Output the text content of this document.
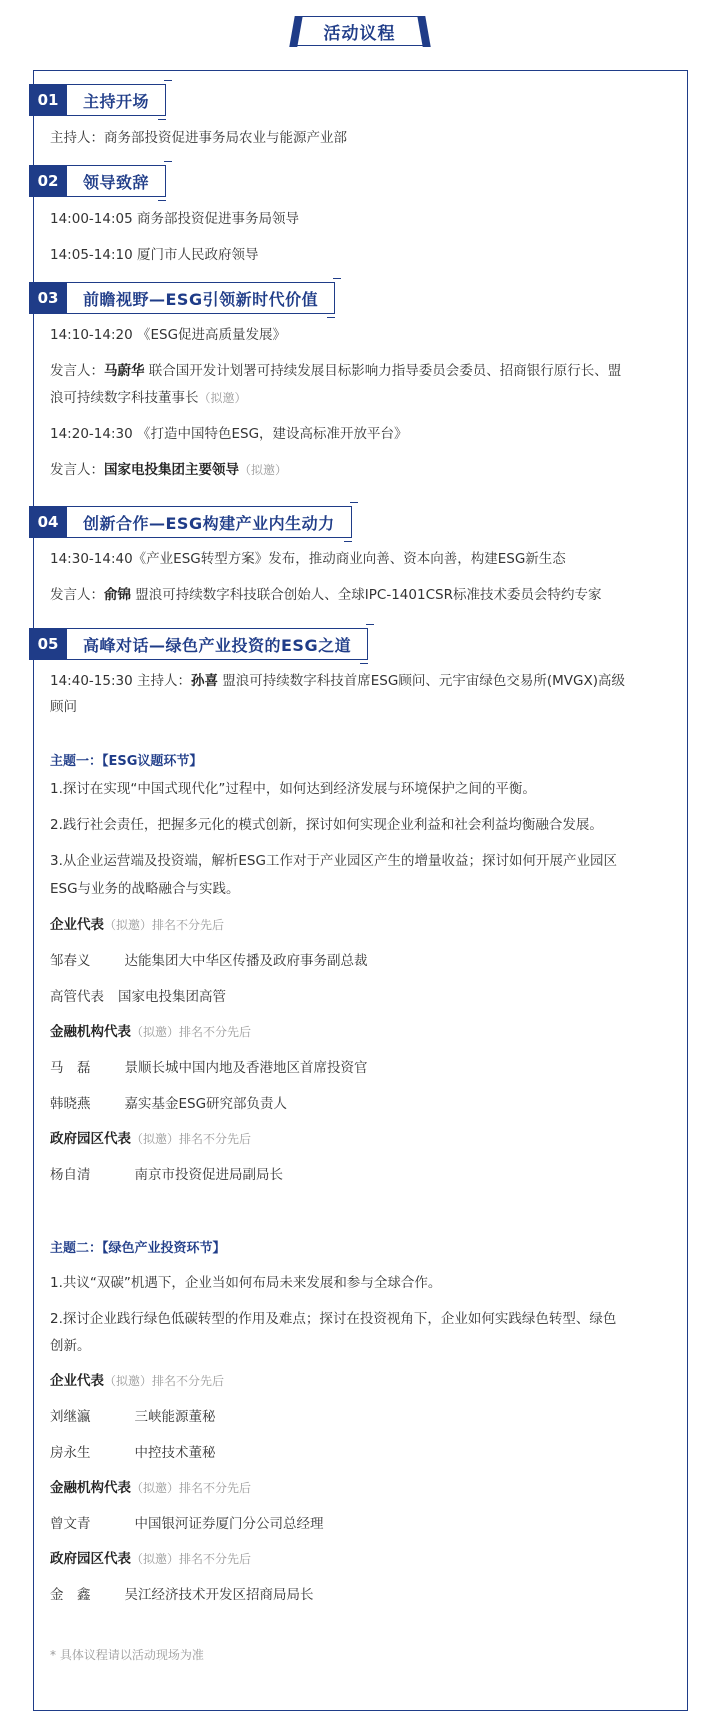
活动议程
01	主持开场
主持人：商务部投资促进事务局农业与能源产业部
02	领导致辞
14:00-14:05 商务部投资促进事务局领导
14:05-14:10 厦门市人民政府领导
03	前瞻视野—ESG引领新时代价值
14:10-14:20 《ESG促进高质量发展》
发言人：马蔚华 联合国开发计划署可持续发展目标影响力指导委员会委员、招商银行原行长、盟
浪可持续数字科技董事长（拟邀）
14:20-14:30 《打造中国特色ESG，建设高标准开放平台》
发言人：国家电投集团主要领导（拟邀）
04	创新合作—ESG构建产业内生动力
14:30-14:40《产业ESG转型方案》发布，推动商业向善、资本向善，构建ESG新生态
发言人：俞锦 盟浪可持续数字科技联合创始人、全球IPC-1401CSR标准技术委员会特约专家
05	高峰对话—绿色产业投资的ESG之道
14:40-15:30 主持人：孙喜 盟浪可持续数字科技首席ESG顾问、元宇宙绿色交易所(MVGX)高级
顾问
主题一：【ESG议题环节】
1.探讨在实现“中国式现代化”过程中，如何达到经济发展与环境保护之间的平衡。
2.践行社会责任，把握多元化的模式创新，探讨如何实现企业利益和社会利益均衡融合发展。
3.从企业运营端及投资端，解析ESG工作对于产业园区产生的增量收益；探讨如何开展产业园区
ESG与业务的战略融合与实践。
企业代表（拟邀）排名不分先后
邹春义	达能集团大中华区传播及政府事务副总裁
高管代表 国家电投集团高管
金融机构代表（拟邀）排名不分先后
马　磊	景顺长城中国内地及香港地区首席投资官
韩晓燕	嘉实基金ESG研究部负责人
政府园区代表（拟邀）排名不分先后
杨自清	南京市投资促进局副局长
主题二：【绿色产业投资环节】
1.共议“双碳”机遇下，企业当如何布局未来发展和参与全球合作。
2.探讨企业践行绿色低碳转型的作用及难点；探讨在投资视角下，企业如何实践绿色转型、绿色
创新。
企业代表（拟邀）排名不分先后
刘继瀛	三峡能源董秘
房永生	中控技术董秘
金融机构代表（拟邀）排名不分先后
曾文青	中国银河证券厦门分公司总经理
政府园区代表（拟邀）排名不分先后
金　鑫	吴江经济技术开发区招商局局长
* 具体议程请以活动现场为准
